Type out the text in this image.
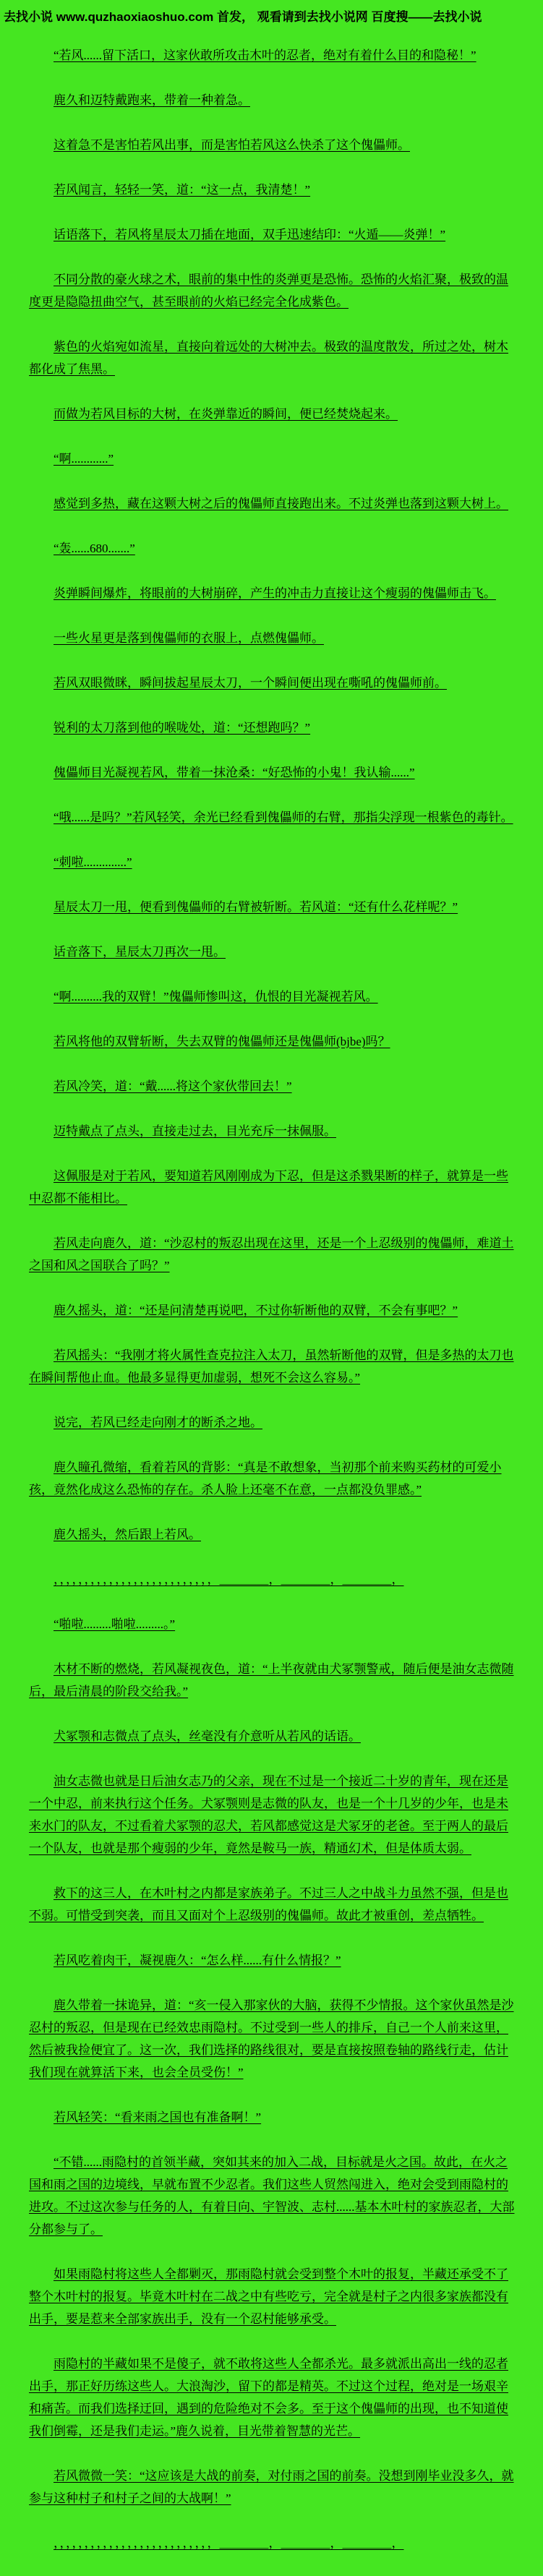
去找小说 www.quzhaoxiaoshuo.com 首发， 观看请到去找小说网 百度搜——去找小说

“若风......留下活口，这家伙敢所攻击木叶的忍者，绝对有着什么目的和隐秘！”

鹿久和迈特戴跑来，带着一种着急。

这着急不是害怕若风出事，而是害怕若风这么快杀了这个傀儡师。

若风闻言，轻轻一笑，道：“这一点，我清楚！”

话语落下，若风将星辰太刀插在地面，双手迅速结印：“火遁——炎弹！”

不同分散的豪火球之术，眼前的集中性的炎弹更是恐怖。恐怖的火焰汇聚，极致的温度更是隐隐扭曲空气，甚至眼前的火焰已经完全化成紫色。

紫色的火焰宛如流星，直接向着远处的大树冲去。极致的温度散发，所过之处，树木都化成了焦黑。

而做为若风目标的大树，在炎弹靠近的瞬间，便已经焚烧起来。

“啊............”

感觉到多热，藏在这颗大树之后的傀儡师直接跑出来。不过炎弹也落到这颗大树上。

“轰......680.......”

炎弹瞬间爆炸，将眼前的大树崩碎，产生的冲击力直接让这个瘦弱的傀儡师击飞。

一些火星更是落到傀儡师的衣服上，点燃傀儡师。

若风双眼微眯，瞬间拔起星辰太刀，一个瞬间便出现在嘶吼的傀儡师前。

锐利的太刀落到他的喉咙处，道：“还想跑吗？”

傀儡师目光凝视若风，带着一抹沧桑：“好恐怖的小鬼！我认输......”

“哦......是吗？”若风轻笑，余光已经看到傀儡师的右臂，那指尖浮现一根紫色的毒针。

“刺啦..............”

星辰太刀一甩，便看到傀儡师的右臂被斩断。若风道：“还有什么花样呢？”

话音落下，星辰太刀再次一甩。

“啊..........我的双臂！”傀儡师惨叫这，仇恨的目光凝视若风。

若风将他的双臂斩断，失去双臂的傀儡师还是傀儡师(bjbe)吗？

若风冷笑，道：“戴......将这个家伙带回去！”

迈特戴点了点头，直接走过去，目光充斥一抹佩服。

这佩服是对于若风，要知道若风刚刚成为下忍，但是这杀戮果断的样子，就算是一些中忍都不能相比。

若风走向鹿久，道：“沙忍村的叛忍出现在这里，还是一个上忍级别的傀儡师，难道土之国和风之国联合了吗？”

鹿久摇头，道：“还是问清楚再说吧，不过你斩断他的双臂，不会有事吧？”

若风摇头：“我刚才将火属性查克拉注入太刀，虽然斩断他的双臂，但是多热的太刀也在瞬间帮他止血。他最多显得更加虚弱，想死不会这么容易。”

说完，若风已经走向刚才的断杀之地。

鹿久瞳孔微缩，看着若风的背影：“真是不敢想象，当初那个前来购买药材的可爱小孩，竟然化成这么恐怖的存在。杀人脸上还毫不在意，一点都没负罪感。”

鹿久摇头，然后跟上若风。

，，，，，，，，，，，，，，，，，，，，，，，，，，＿＿＿＿，＿＿＿＿，＿＿＿＿，

“啪啦.........啪啦.........。”

木材不断的燃烧，若风凝视夜色，道：“上半夜就由犬冢颚警戒，随后便是油女志微随后，最后清晨的阶段交给我。”

犬冢颚和志微点了点头，丝毫没有介意听从若风的话语。

油女志微也就是日后油女志乃的父亲，现在不过是一个接近二十岁的青年，现在还是一个中忍，前来执行这个任务。犬冢颚则是志微的队友，也是一个十几岁的少年，也是未来水门的队友，不过看着犬冢颚的忍犬，若风都感觉这是犬冢牙的老爸。至于两人的最后一个队友，也就是那个瘦弱的少年，竟然是鞍马一族，精通幻术，但是体质太弱。

救下的这三人，在木叶村之内都是家族弟子。不过三人之中战斗力虽然不强，但是也不弱。可惜受到突袭，而且又面对个上忍级别的傀儡师。故此才被重创，差点牺牲。

若风吃着肉干，凝视鹿久：“怎么样......有什么情报？”

鹿久带着一抹诡异，道：“亥一侵入那家伙的大脑，获得不少情报。这个家伙虽然是沙忍村的叛忍，但是现在已经效忠雨隐村。不过受到一些人的排斥，自己一个人前来这里，然后被我捡便宜了。这一次，我们选择的路线很对，要是直接按照卷轴的路线行走，估计我们现在就算活下来，也会全员受伤！”

若风轻笑：“看来雨之国也有准备啊！”

“不错......雨隐村的首领半藏，突如其来的加入二战，目标就是火之国。故此，在火之国和雨之国的边境线，早就布置不少忍者。我们这些人贸然闯进入，绝对会受到雨隐村的进攻。不过这次参与任务的人，有着日向、宇智波、志村......基本木叶村的家族忍者，大部分都参与了。

如果雨隐村将这些人全都剿灭，那雨隐村就会受到整个木叶的报复，半藏还承受不了整个木叶村的报复。毕竟木叶村在二战之中有些吃亏，完全就是村子之内很多家族都没有出手，要是惹来全部家族出手，没有一个忍村能够承受。

雨隐村的半藏如果不是傻子，就不敢将这些人全都杀光。最多就派出高出一线的忍者出手，那正好历练这些人。大浪淘沙，留下的都是精英。不过这个过程，绝对是一场艰辛和痛苦。而我们选择迂回，遇到的危险绝对不会多。至于这个傀儡师的出现，也不知道使我们倒霉，还是我们走运。”鹿久说着，目光带着智慧的光芒。

若风微微一笑：“这应该是大战的前奏，对付雨之国的前奏。没想到刚毕业没多久，就参与这种村子和村子之间的大战啊！”

，，，，，，，，，，，，，，，，，，，，，，，，，，＿＿＿＿，＿＿＿＿，＿＿＿＿，
